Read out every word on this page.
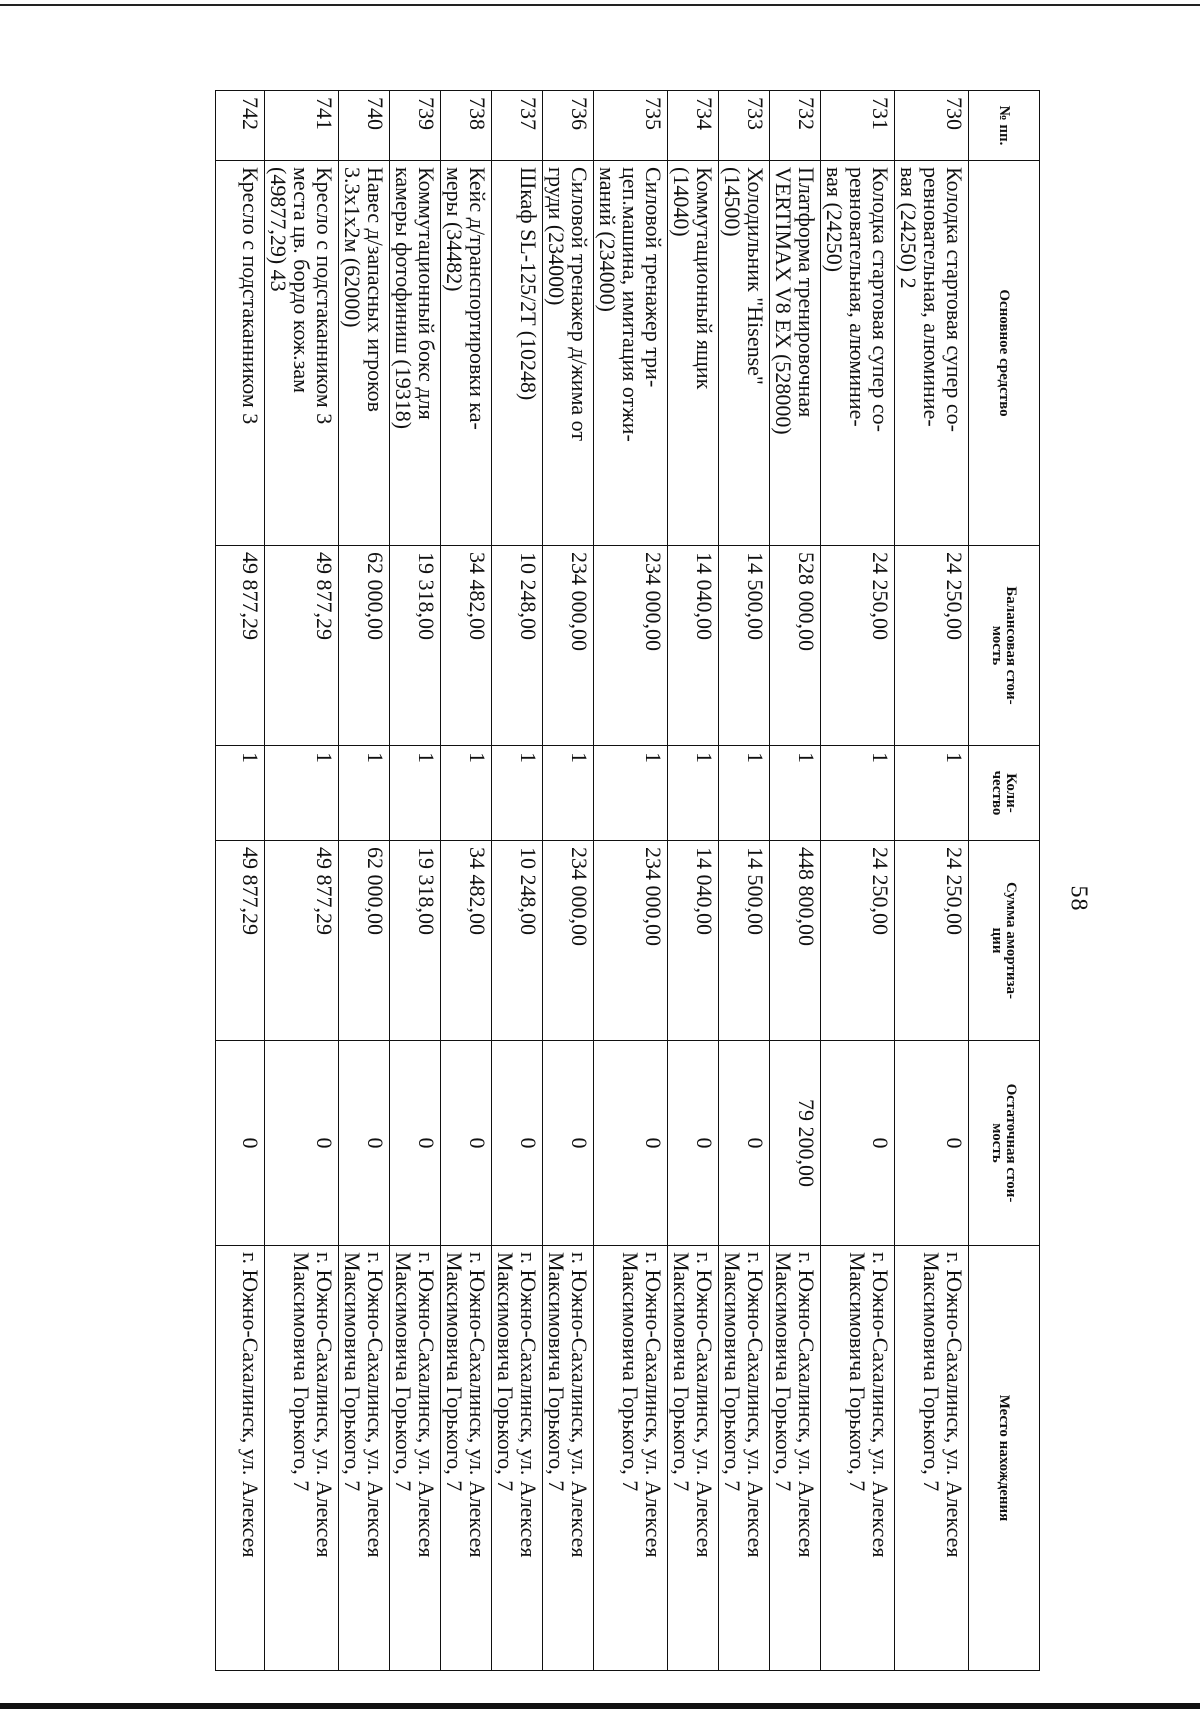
58
№ пп.	Основное средство	Балансовая стои-
мость	Коли-
чество	Сумма амортиза-
ции	Остаточная стои-
мость	Место нахождения
730	Колодка стартовая супер со-
ревновательная, алюминие-
вая (24250) 2	24 250,00	1	24 250,00	0	г. Южно-Сахалинск, ул. Алексея
Максимовича Горького, 7
731	Колодка стартовая супер со-
ревновательная, алюминие-
вая (24250)	24 250,00	1	24 250,00	0	г. Южно-Сахалинск, ул. Алексея
Максимовича Горького, 7
732	Платформа тренировочная
VERTIMAX V8 EX (528000)	528 000,00	1	448 800,00	79 200,00	г. Южно-Сахалинск, ул. Алексея
Максимовича Горького, 7
733	Холодильник "Hisense"
(14500)	14 500,00	1	14 500,00	0	г. Южно-Сахалинск, ул. Алексея
Максимовича Горького, 7
734	Коммутационный ящик
(14040)	14 040,00	1	14 040,00	0	г. Южно-Сахалинск, ул. Алексея
Максимовича Горького, 7
735	Силовой тренажер три-
цеп.машина, имитация отжи-
маний (234000)	234 000,00	1	234 000,00	0	г. Южно-Сахалинск, ул. Алексея
Максимовича Горького, 7
736	Силовой тренажер д/жима от
груди (234000)	234 000,00	1	234 000,00	0	г. Южно-Сахалинск, ул. Алексея
Максимовича Горького, 7
737	Шкаф SL-125/2T (10248)	10 248,00	1	10 248,00	0	г. Южно-Сахалинск, ул. Алексея
Максимовича Горького, 7
738	Кейс д/транспортировки ка-
меры (34482)	34 482,00	1	34 482,00	0	г. Южно-Сахалинск, ул. Алексея
Максимовича Горького, 7
739	Коммутационный бокс для
камеры фотофиниш (19318)	19 318,00	1	19 318,00	0	г. Южно-Сахалинск, ул. Алексея
Максимовича Горького, 7
740	Навес д/запасных игроков
3.3х1х2м (62000)	62 000,00	1	62 000,00	0	г. Южно-Сахалинск, ул. Алексея
Максимовича Горького, 7
741	Кресло с подстаканником 3
места цв. бордо кож.зам
(49877,29) 43	49 877,29	1	49 877,29	0	г. Южно-Сахалинск, ул. Алексея
Максимовича Горького, 7
742	Кресло с подстаканником 3	49 877,29	1	49 877,29	0	г. Южно-Сахалинск, ул. Алексея
